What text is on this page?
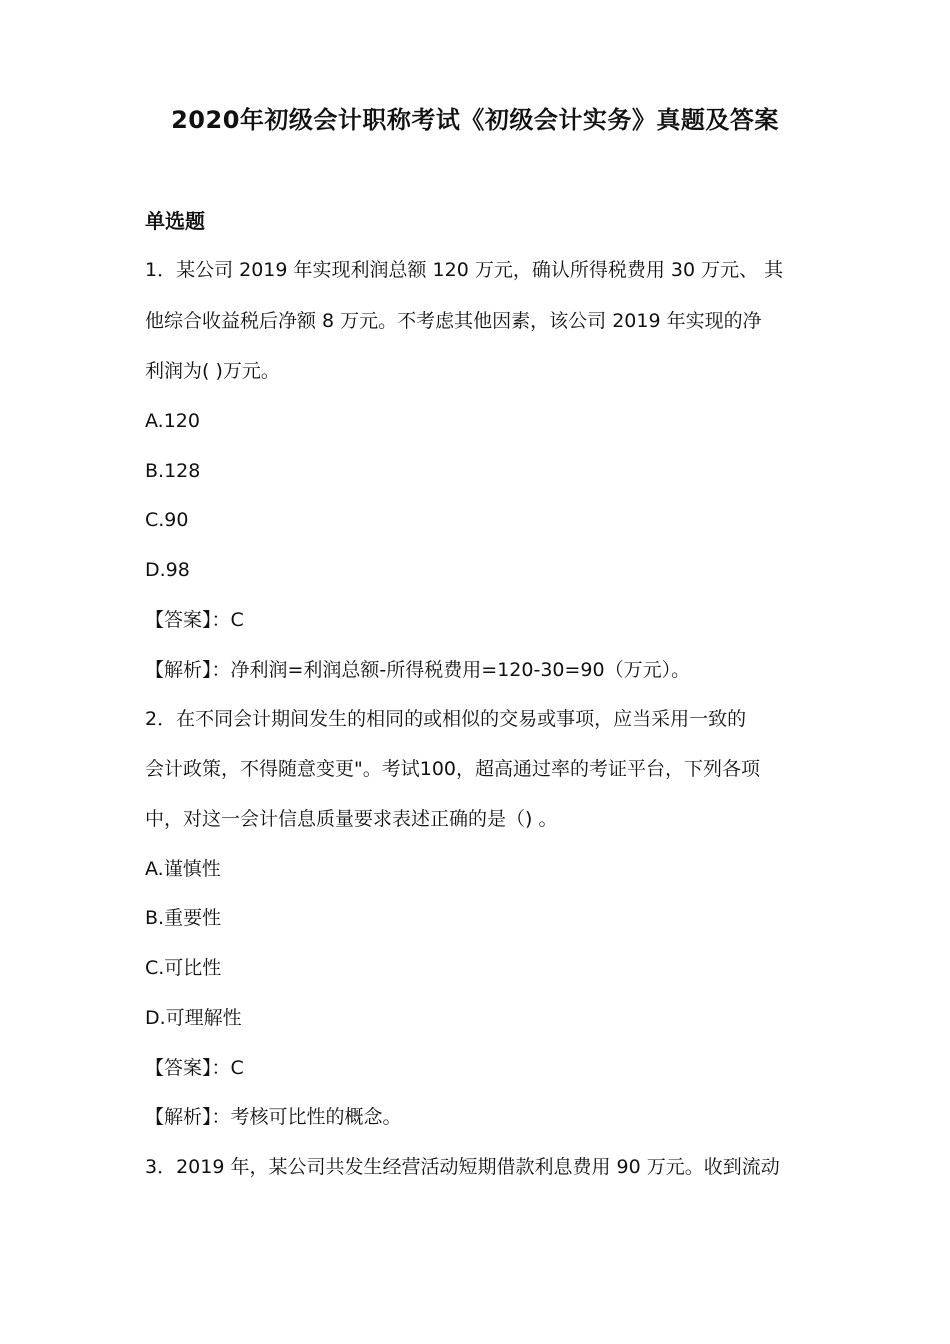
2020年初级会计职称考试《初级会计实务》真题及答案
单选题
1．某公司 2019 年实现利润总额 120 万元，确认所得税费用 30 万元、 其
他综合收益税后净额 8 万元。不考虑其他因素，该公司 2019 年实现的净
利润为( )万元。
A.120
B.128
C.90
D.98
【答案】：C
【解析】：净利润=利润总额-所得税费用=120-30=90（万元）。
2．在不同会计期间发生的相同的或相似的交易或事项，应当采用一致的
会计政策，不得随意变更"。考试100，超高通过率的考证平台，下列各项
中，对这一会计信息质量要求表述正确的是（) 。
A.谨慎性
B.重要性
C.可比性
D.可理解性
【答案】：C
【解析】：考核可比性的概念。
3．2019 年，某公司共发生经营活动短期借款利息费用 90 万元。收到流动
